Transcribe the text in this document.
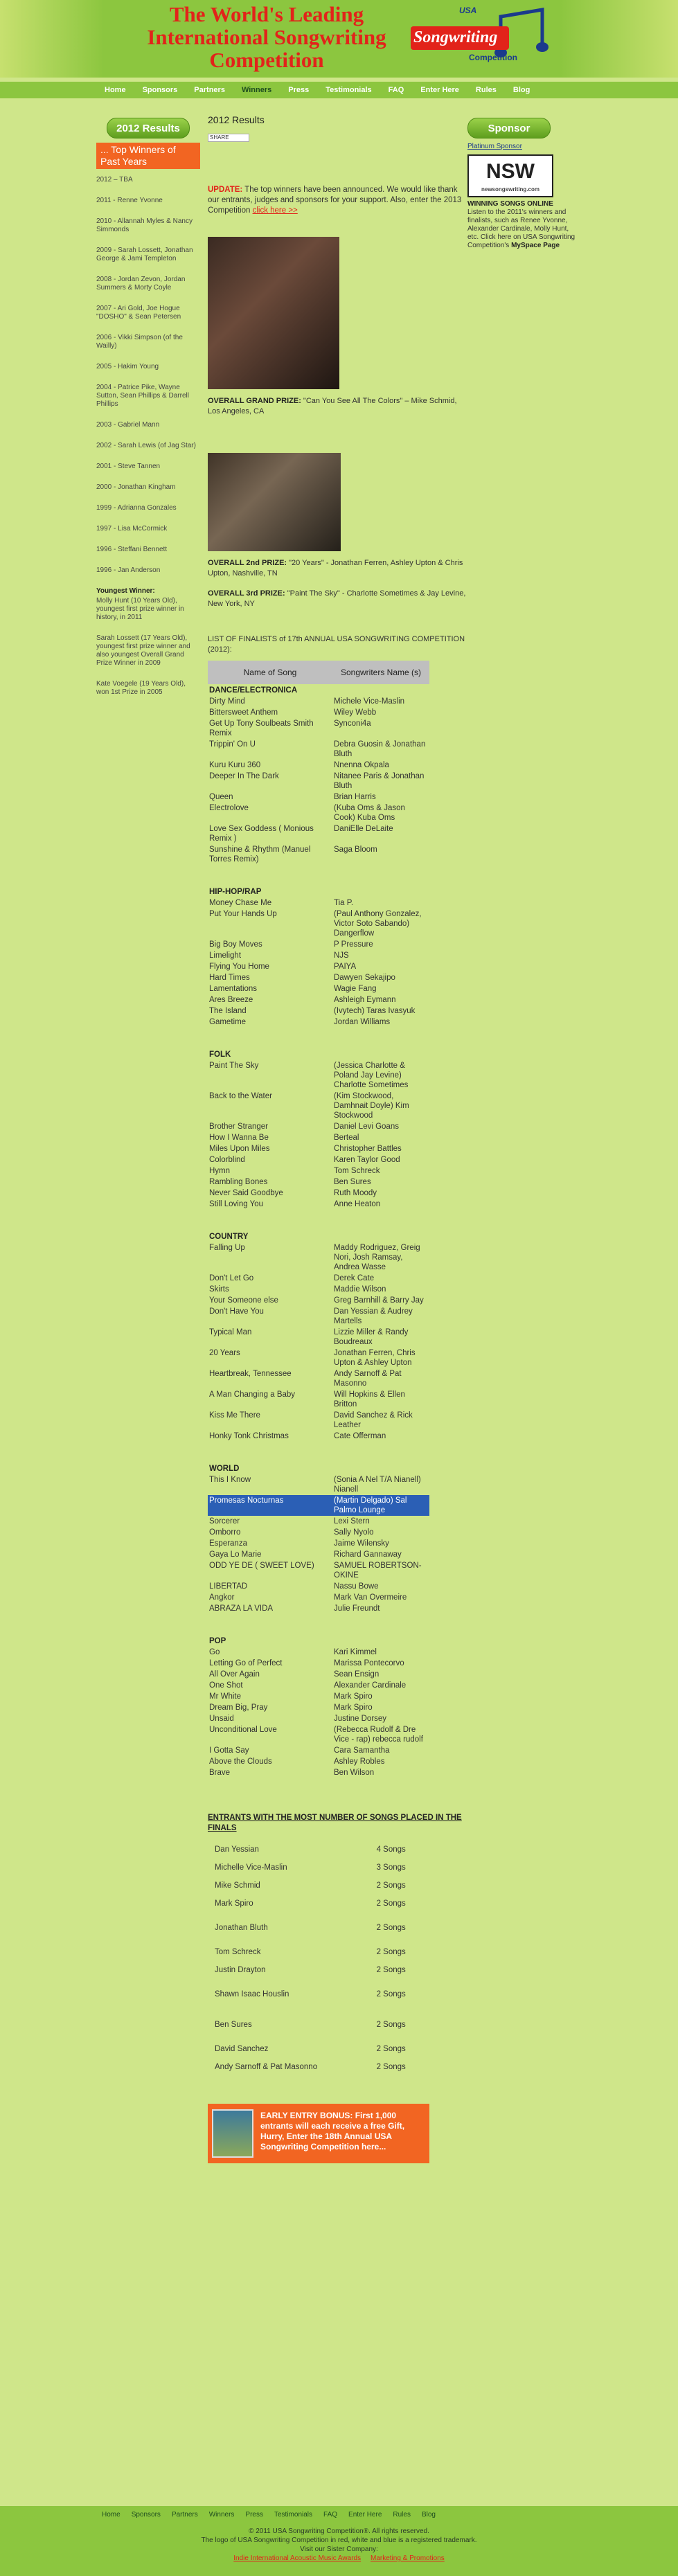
The World's Leading International Songwriting Competition
USA
Songwriting
Competition
Home	Sponsors	Partners	Winners	Press	Testimonials	FAQ	Enter Here	Rules	Blog
2012 Results
... Top Winners of Past Years
2012 – TBA
2011 - Renne Yvonne
2010 - Allannah Myles & Nancy Simmonds
2009 - Sarah Lossett, Jonathan George & Jami Templeton
2008 - Jordan Zevon, Jordan Summers & Morty Coyle
2007 - Ari Gold, Joe Hogue "DOSHO" & Sean Petersen
2006 - Vikki Simpson (of the Wailly)
2005 - Hakim Young
2004 - Patrice Pike, Wayne Sutton, Sean Phillips & Darrell Phillips
2003 - Gabriel Mann
2002 - Sarah Lewis (of Jag Star)
2001 - Steve Tannen
2000 - Jonathan Kingham
1999 - Adrianna Gonzales
1997 - Lisa McCormick
1996 - Steffani Bennett
1996 - Jan Anderson
Youngest Winner:
Molly Hunt (10 Years Old), youngest first prize winner in history, in 2011
Sarah Lossett (17 Years Old), youngest first prize winner and also youngest Overall Grand Prize Winner in 2009
Kate Voegele (19 Years Old), won 1st Prize in 2005
2012 Results
SHARE
UPDATE: The top winners have been announced. We would like thank our entrants, judges and sponsors for your support. Also, enter the 2013 Competition click here >>
OVERALL GRAND PRIZE: "Can You See All The Colors" – Mike Schmid, Los Angeles, CA
OVERALL 2nd PRIZE: "20 Years" - Jonathan Ferren, Ashley Upton & Chris Upton, Nashville, TN
OVERALL 3rd PRIZE: "Paint The Sky" - Charlotte Sometimes & Jay Levine, New York, NY
LIST OF FINALISTS of 17th ANNUAL USA SONGWRITING COMPETITION (2012):
Name of Song	Songwriters Name (s)
DANCE/ELECTRONICA	
Dirty Mind	Michele Vice-Maslin
Bittersweet Anthem	Wiley Webb
Get Up Tony Soulbeats Smith Remix	Synconi4a
Trippin' On U	Debra Guosin & Jonathan Bluth
Kuru Kuru 360	Nnenna Okpala
Deeper In The Dark	Nitanee Paris & Jonathan Bluth
Queen	Brian Harris
Electrolove	(Kuba Oms & Jason Cook) Kuba Oms
Love Sex Goddess ( Monious Remix )	DaniElle DeLaite
Sunshine & Rhythm (Manuel Torres Remix)	Saga Bloom
HIP-HOP/RAP	
Money Chase Me	Tia P.
Put Your Hands Up	(Paul Anthony Gonzalez, Victor Soto Sabando) Dangerflow
Big Boy Moves	P Pressure
Limelight	NJS
Flying You Home	PAIYA
Hard Times	Dawyen Sekajipo
Lamentations	Wagie Fang
Ares Breeze	Ashleigh Eymann
The Island	(Ivytech) Taras Ivasyuk
Gametime	Jordan Williams
FOLK	
Paint The Sky	(Jessica Charlotte & Poland Jay Levine) Charlotte Sometimes
Back to the Water	(Kim Stockwood, Damhnait Doyle) Kim Stockwood
Brother Stranger	Daniel Levi Goans
How I Wanna Be	Berteal
Miles Upon Miles	Christopher Battles
Colorblind	Karen Taylor Good
Hymn	Tom Schreck
Rambling Bones	Ben Sures
Never Said Goodbye	Ruth Moody
Still Loving You	Anne Heaton
COUNTRY	
Falling Up	Maddy Rodriguez, Greig Nori, Josh Ramsay, Andrea Wasse
Don't Let Go	Derek Cate
Skirts	Maddie Wilson
Your Someone else	Greg Barnhill & Barry Jay
Don't Have You	Dan Yessian & Audrey Martells
Typical Man	Lizzie Miller & Randy Boudreaux
20 Years	Jonathan Ferren, Chris Upton & Ashley Upton
Heartbreak, Tennessee	Andy Sarnoff & Pat Masonno
A Man Changing a Baby	Will Hopkins & Ellen Britton
Kiss Me There	David Sanchez & Rick Leather
Honky Tonk Christmas	Cate Offerman
WORLD	
This I Know	(Sonia A Nel T/A Nianell) Nianell
Promesas Nocturnas	(Martin Delgado) Sal Palmo Lounge
Sorcerer	Lexi Stern
Omborro	Sally Nyolo
Esperanza	Jaime Wilensky
Gaya Lo Marie	Richard Gannaway
ODD YE DE ( SWEET LOVE)	SAMUEL ROBERTSON-OKINE
LIBERTAD	Nassu Bowe
Angkor	Mark Van Overmeire
ABRAZA LA VIDA	Julie Freundt
POP	
Go	Kari Kimmel
Letting Go of Perfect	Marissa Pontecorvo
All Over Again	Sean Ensign
One Shot	Alexander Cardinale
Mr White	Mark Spiro
Dream Big, Pray	Mark Spiro
Unsaid	Justine Dorsey
Unconditional Love	(Rebecca Rudolf & Dre Vice - rap) rebecca rudolf
I Gotta Say	Cara Samantha
Above the Clouds	Ashley Robles
Brave	Ben Wilson
ENTRANTS WITH THE MOST NUMBER OF SONGS PLACED IN THE FINALS
Dan Yessian	4 Songs
Michelle Vice-Maslin	3 Songs
Mike Schmid	2 Songs
Mark Spiro	2 Songs
Jonathan Bluth	2 Songs
Tom Schreck	2 Songs
Justin Drayton	2 Songs
Shawn Isaac Houslin	2 Songs
Ben Sures	2 Songs
David Sanchez	2 Songs
Andy Sarnoff & Pat Masonno	2 Songs
EARLY ENTRY BONUS: First 1,000 entrants will each receive a free Gift, Hurry, Enter the 18th Annual USA Songwriting Competition here...
Sponsor
Platinum Sponsor
NSW
newsongswriting.com
WINNING SONGS ONLINE
Listen to the 2011's winners and finalists, such as Renee Yvonne, Alexander Cardinale, Molly Hunt, etc. Click here on USA Songwriting Competition's MySpace Page
Home	Sponsors	Partners	Winners	Press	Testimonials	FAQ	Enter Here	Rules	Blog
© 2011 USA Songwriting Competition®. All rights reserved.
The logo of USA Songwriting Competition in red, white and blue is a registered trademark.
Visit our Sister Company:
Indie International Acoustic Music Awards Marketing & Promotions
